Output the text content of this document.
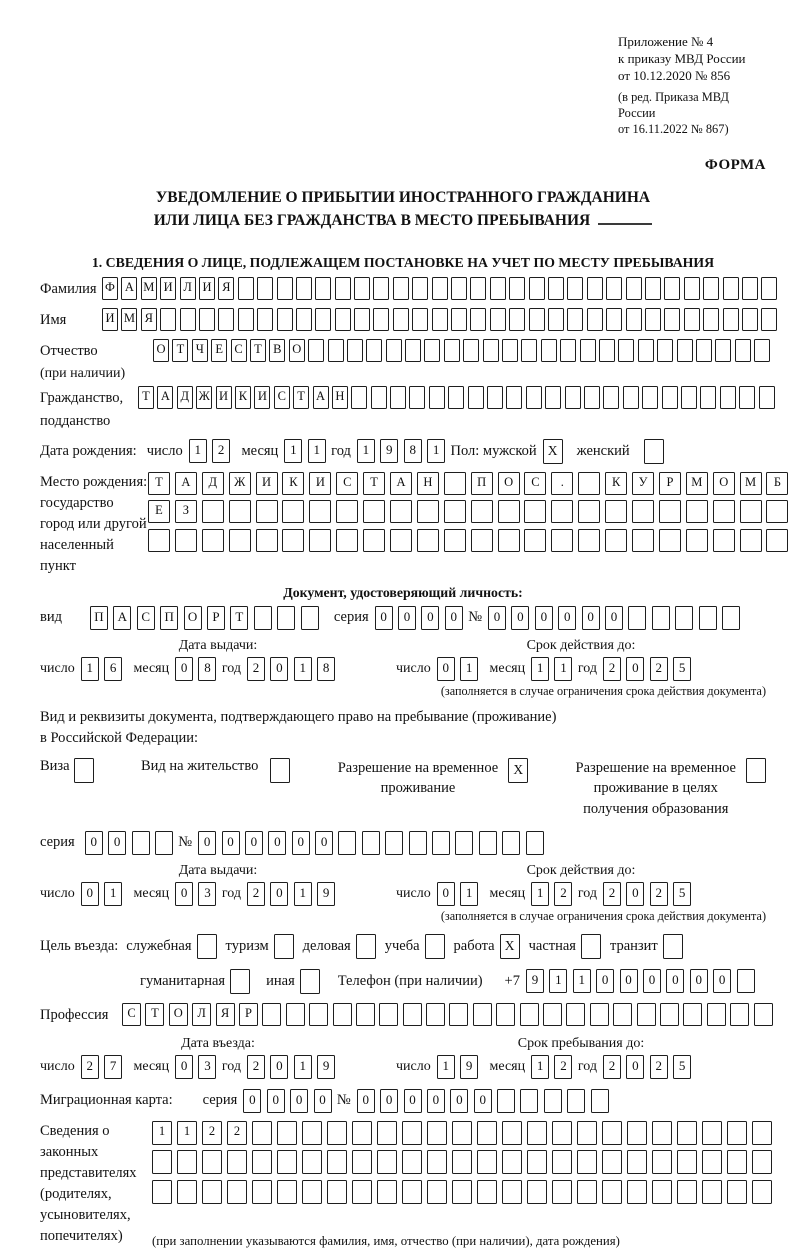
Приложение № 4
к приказу МВД России
от 10.12.2020 № 856
(в ред. Приказа МВД России
от 16.11.2022 № 867)
ФОРМА
УВЕДОМЛЕНИЕ О ПРИБЫТИИ ИНОСТРАННОГО ГРАЖДАНИНА
ИЛИ ЛИЦА БЕЗ ГРАЖДАНСТВА В МЕСТО ПРЕБЫВАНИЯ
1. СВЕДЕНИЯ О ЛИЦЕ, ПОДЛЕЖАЩЕМ ПОСТАНОВКЕ НА УЧЕТ ПО МЕСТУ ПРЕБЫВАНИЯ
Фамилия Ф А М И Л И Я
Имя	И М Я
Отчество
(при наличии)
О Т Ч Е С Т В О
Гражданство,
подданство
Т А Д Ж И К И С Т А Н
Дата рождения: число 1 2	месяц 1 1 год 1 9 8 1 Пол: мужской X	женский
Место рождения:
государство
город или другой
населенный пункт
Т А Д Ж И К И С Т А Н	П О С .	К У Р М О М Б
Е З
Документ, удостоверяющий личность:
вид	П А С П О Р Т	серия 0 0 0 0 № 0 0 0 0 0 0
Дата выдачи:
число 1 6	месяц 0 8 год 2 0 1 8
Срок действия до:
число 0 1	месяц 1 1 год 2 0 2 5
(заполняется в случае ограничения срока действия документа)
Вид и реквизиты документа, подтверждающего право на пребывание (проживание)
в Российской Федерации:
Виза	Вид на жительство	Разрешение на временное
проживание
X	Разрешение на временное
проживание в целях
получения образования
серия	0 0	№ 0 0 0 0 0 0
Дата выдачи:
число 0 1	месяц 0 3 год 2 0 1 9
Срок действия до:
число 0 1	месяц 1 2 год 2 0 2 5
(заполняется в случае ограничения срока действия документа)
Цель въезда: служебная туризм деловая учеба работа X частная транзит
гуманитарная	иная	Телефон (при наличии) +7 9 1 1 0 0 0 0 0 0
Профессия	С Т О Л Я Р
Дата въезда:
число 2 7	месяц 0 3 год 2 0 1 9
Срок пребывания до:
число 1 9	месяц 1 2 год 2 0 2 5
Миграционная карта: серия 0 0 0 0 № 0 0 0 0 0 0
Сведения о
законных
представителях
(родителях,
усыновителях,
попечителях)
1 1 2 2
(при заполнении указываются фамилия, имя, отчество (при наличии), дата рождения)
